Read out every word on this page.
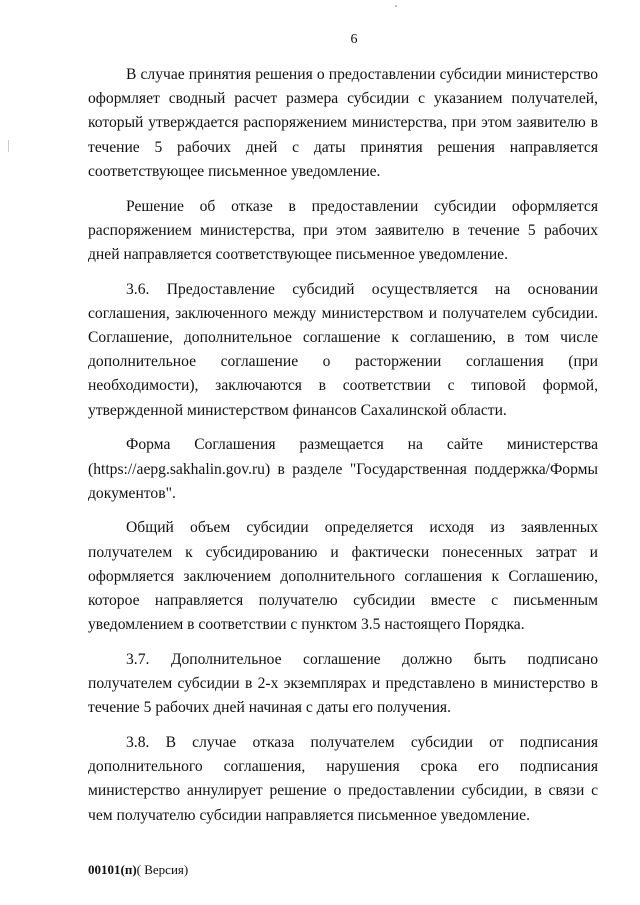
6

В случае принятия решения о предоставлении субсидии министерство оформляет сводный расчет размера субсидии с указанием получателей, который утверждается распоряжением министерства, при этом заявителю в течение 5 рабочих дней с даты принятия решения направляется соответствующее письменное уведомление.

Решение об отказе в предоставлении субсидии оформляется распоряжением министерства, при этом заявителю в течение 5 рабочих дней направляется соответствующее письменное уведомление.

3.6. Предоставление субсидий осуществляется на основании соглашения, заключенного между министерством и получателем субсидии. Соглашение, дополнительное соглашение к соглашению, в том числе дополнительное соглашение о расторжении соглашения (при необходимости), заключаются в соответствии с типовой формой, утвержденной министерством финансов Сахалинской области.

Форма Соглашения размещается на сайте министерства (https://aepg.sakhalin.gov.ru) в разделе "Государственная поддержка/Формы документов".

Общий объем субсидии определяется исходя из заявленных получателем к субсидированию и фактически понесенных затрат и оформляется заключением дополнительного соглашения к Соглашению, которое направляется получателю субсидии вместе с письменным уведомлением в соответствии с пунктом 3.5 настоящего Порядка.

3.7. Дополнительное соглашение должно быть подписано получателем субсидии в 2-х экземплярах и представлено в министерство в течение 5 рабочих дней начиная с даты его получения.

3.8. В случае отказа получателем субсидии от подписания дополнительного соглашения, нарушения срока его подписания министерство аннулирует решение о предоставлении субсидии, в связи с чем получателю субсидии направляется письменное уведомление.

00101(п)( Версия)
